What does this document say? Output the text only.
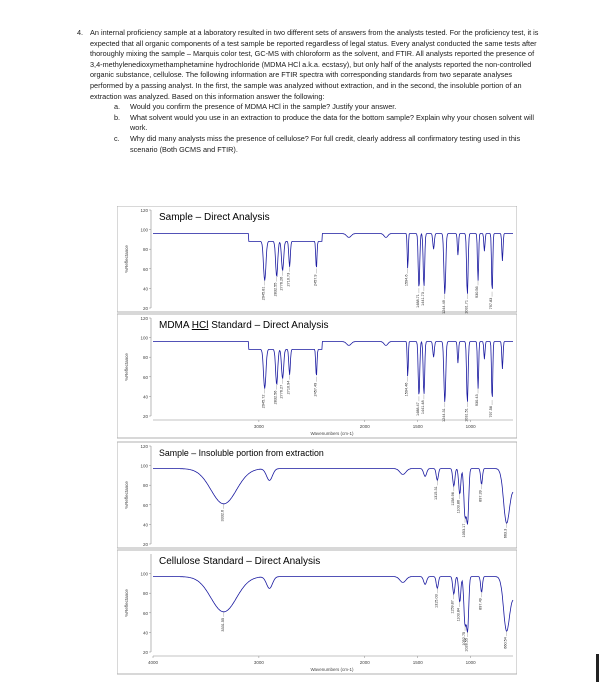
4. An internal proficiency sample at a laboratory resulted in two different sets of answers from the analysts tested. For the proficiency test, it is expected that all organic components of a test sample be reported regardless of legal status. Every analyst conducted the same tests after thoroughly mixing the sample – Marquis color test, GC-MS with chloroform as the solvent, and FTIR. All analysts reported the presence of 3,4-methylenedioxymethamphetamine hydrochloride (MDMA HCl a.k.a. ecstasy), but only half of the analysts reported the non-controlled organic substance, cellulose. The following information are FTIR spectra with corresponding standards from two separate analyses performed by a passing analyst. In the first, the sample was analyzed without extraction, and in the second, the insoluble portion of an extraction was analyzed. Based on this information answer the following:

a. Would you confirm the presence of MDMA HCl in the sample? Justify your answer.

b. What solvent would you use in an extraction to produce the data for the bottom sample? Explain why your chosen solvent will work.

c. Why did many analysts miss the presence of cellulose? For full credit, clearly address all confirmatory testing used in this scenario (Both GCMS and FTIR).

120
100
80
60
40
20
%Reflectance
Sample – Direct Analysis
2945.81 2832.55 2776.26 2710.73	2457.9	1594.6
1488.71 1441.73
1244.49	1031.71
930.56
797.83
120
100
80
60
40
20
%Reflectance
MDMA HCl Standard – Direct Analysis
2945.72 2832.56 2776.27 2710.94	2457.49	1594.46
1488.47 1441.48
1244.31	1031.51
930.43
797.56
3000	2000	1500	1000
Wavenumbers (cm-1)
120
100
80
60
40
20
%Reflectance
Sample – Insoluble portion from extraction
3332.6
1315.31	1158.96
1103.86
1053.17
897.39
663.3
100
80
60
40
20
%Reflectance
Cellulose Standard – Direct Analysis
3331.55
1315.03	1159.87
1103.84
1052.75
1028.55
897.49
660.54
4000	3000	2000	1500	1000
Wavenumbers (cm-1)
